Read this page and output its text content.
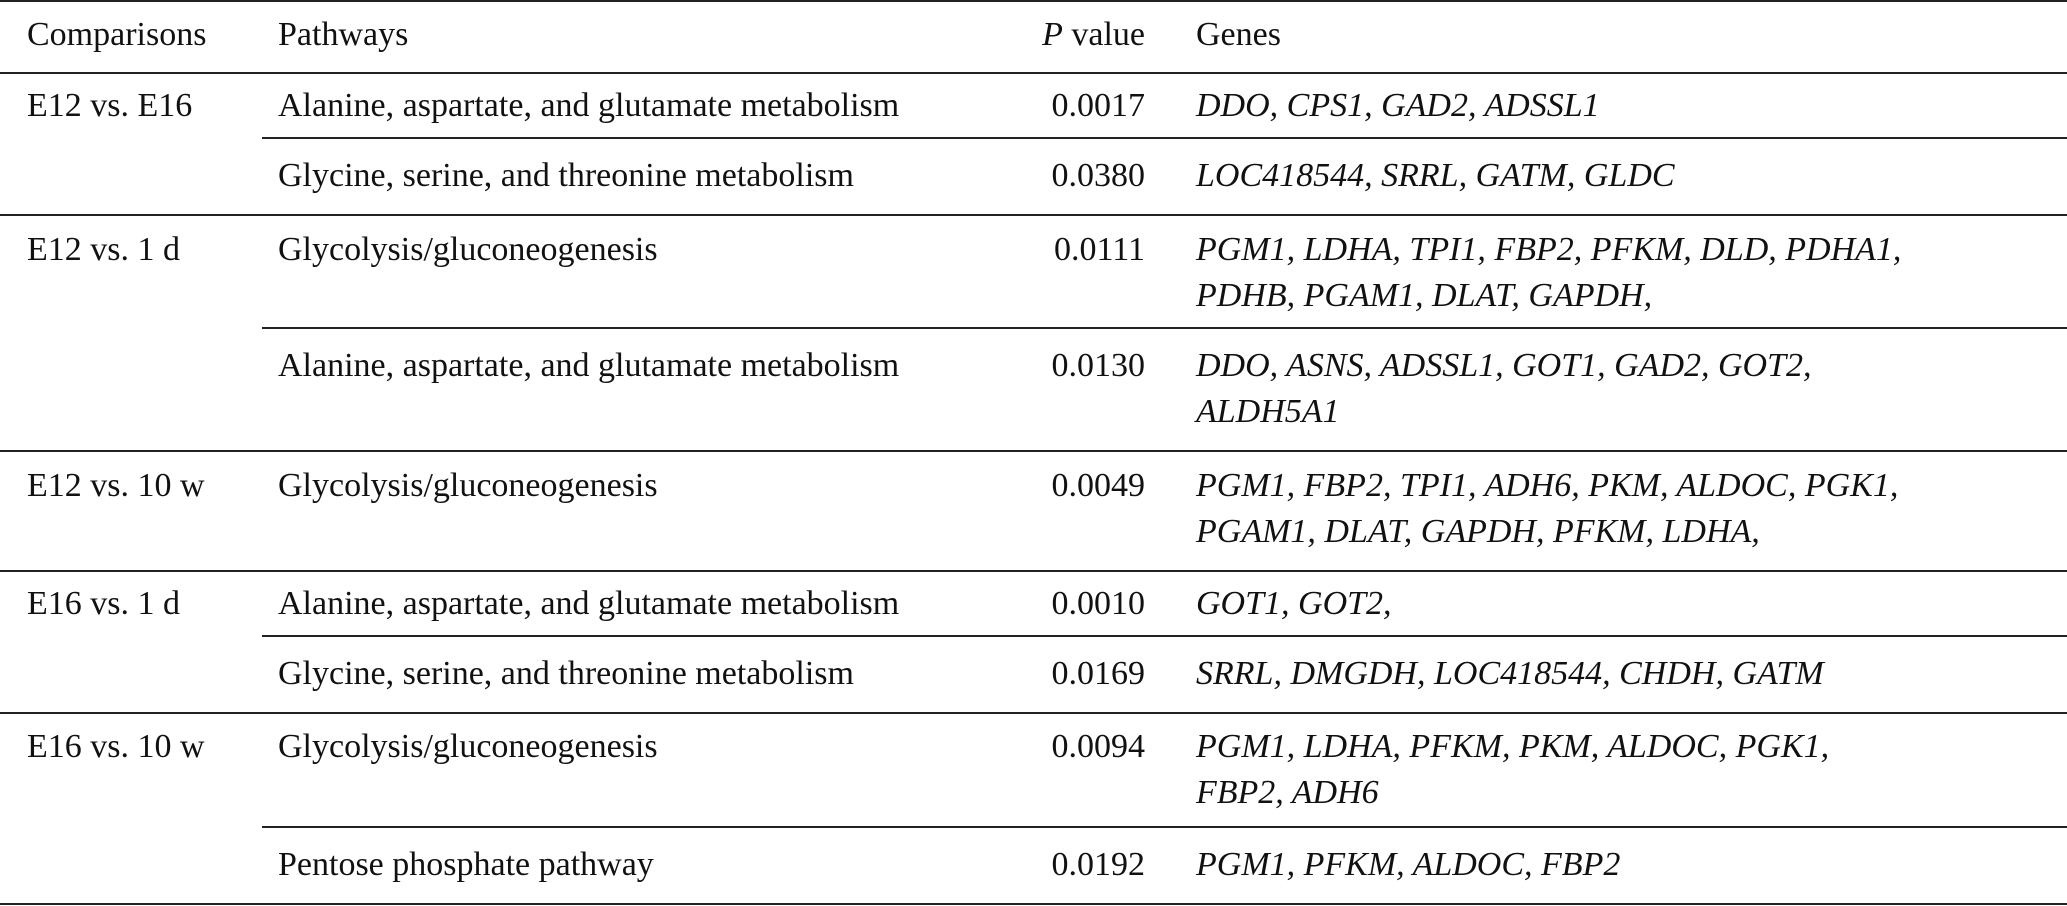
Comparisons Pathways	P value Genes
E12 vs. E16	Alanine, aspartate, and glutamate metabolism	0.0017 DDO, CPS1, GAD2, ADSSL1
Glycine, serine, and threonine metabolism	0.0380 LOC418544, SRRL, GATM, GLDC
E12 vs. 1 d	Glycolysis/gluconeogenesis	0.0111 PGM1, LDHA, TPI1, FBP2, PFKM, DLD, PDHA1,
PDHB, PGAM1, DLAT, GAPDH,
Alanine, aspartate, and glutamate metabolism	0.0130 DDO, ASNS, ADSSL1, GOT1, GAD2, GOT2,
ALDH5A1
E12 vs. 10 w Glycolysis/gluconeogenesis	0.0049 PGM1, FBP2, TPI1, ADH6, PKM, ALDOC, PGK1,
PGAM1, DLAT, GAPDH, PFKM, LDHA,
E16 vs. 1 d	Alanine, aspartate, and glutamate metabolism	0.0010 GOT1, GOT2,
Glycine, serine, and threonine metabolism	0.0169 SRRL, DMGDH, LOC418544, CHDH, GATM
E16 vs. 10 w Glycolysis/gluconeogenesis	0.0094 PGM1, LDHA, PFKM, PKM, ALDOC, PGK1,
FBP2, ADH6
Pentose phosphate pathway	0.0192 PGM1, PFKM, ALDOC, FBP2
